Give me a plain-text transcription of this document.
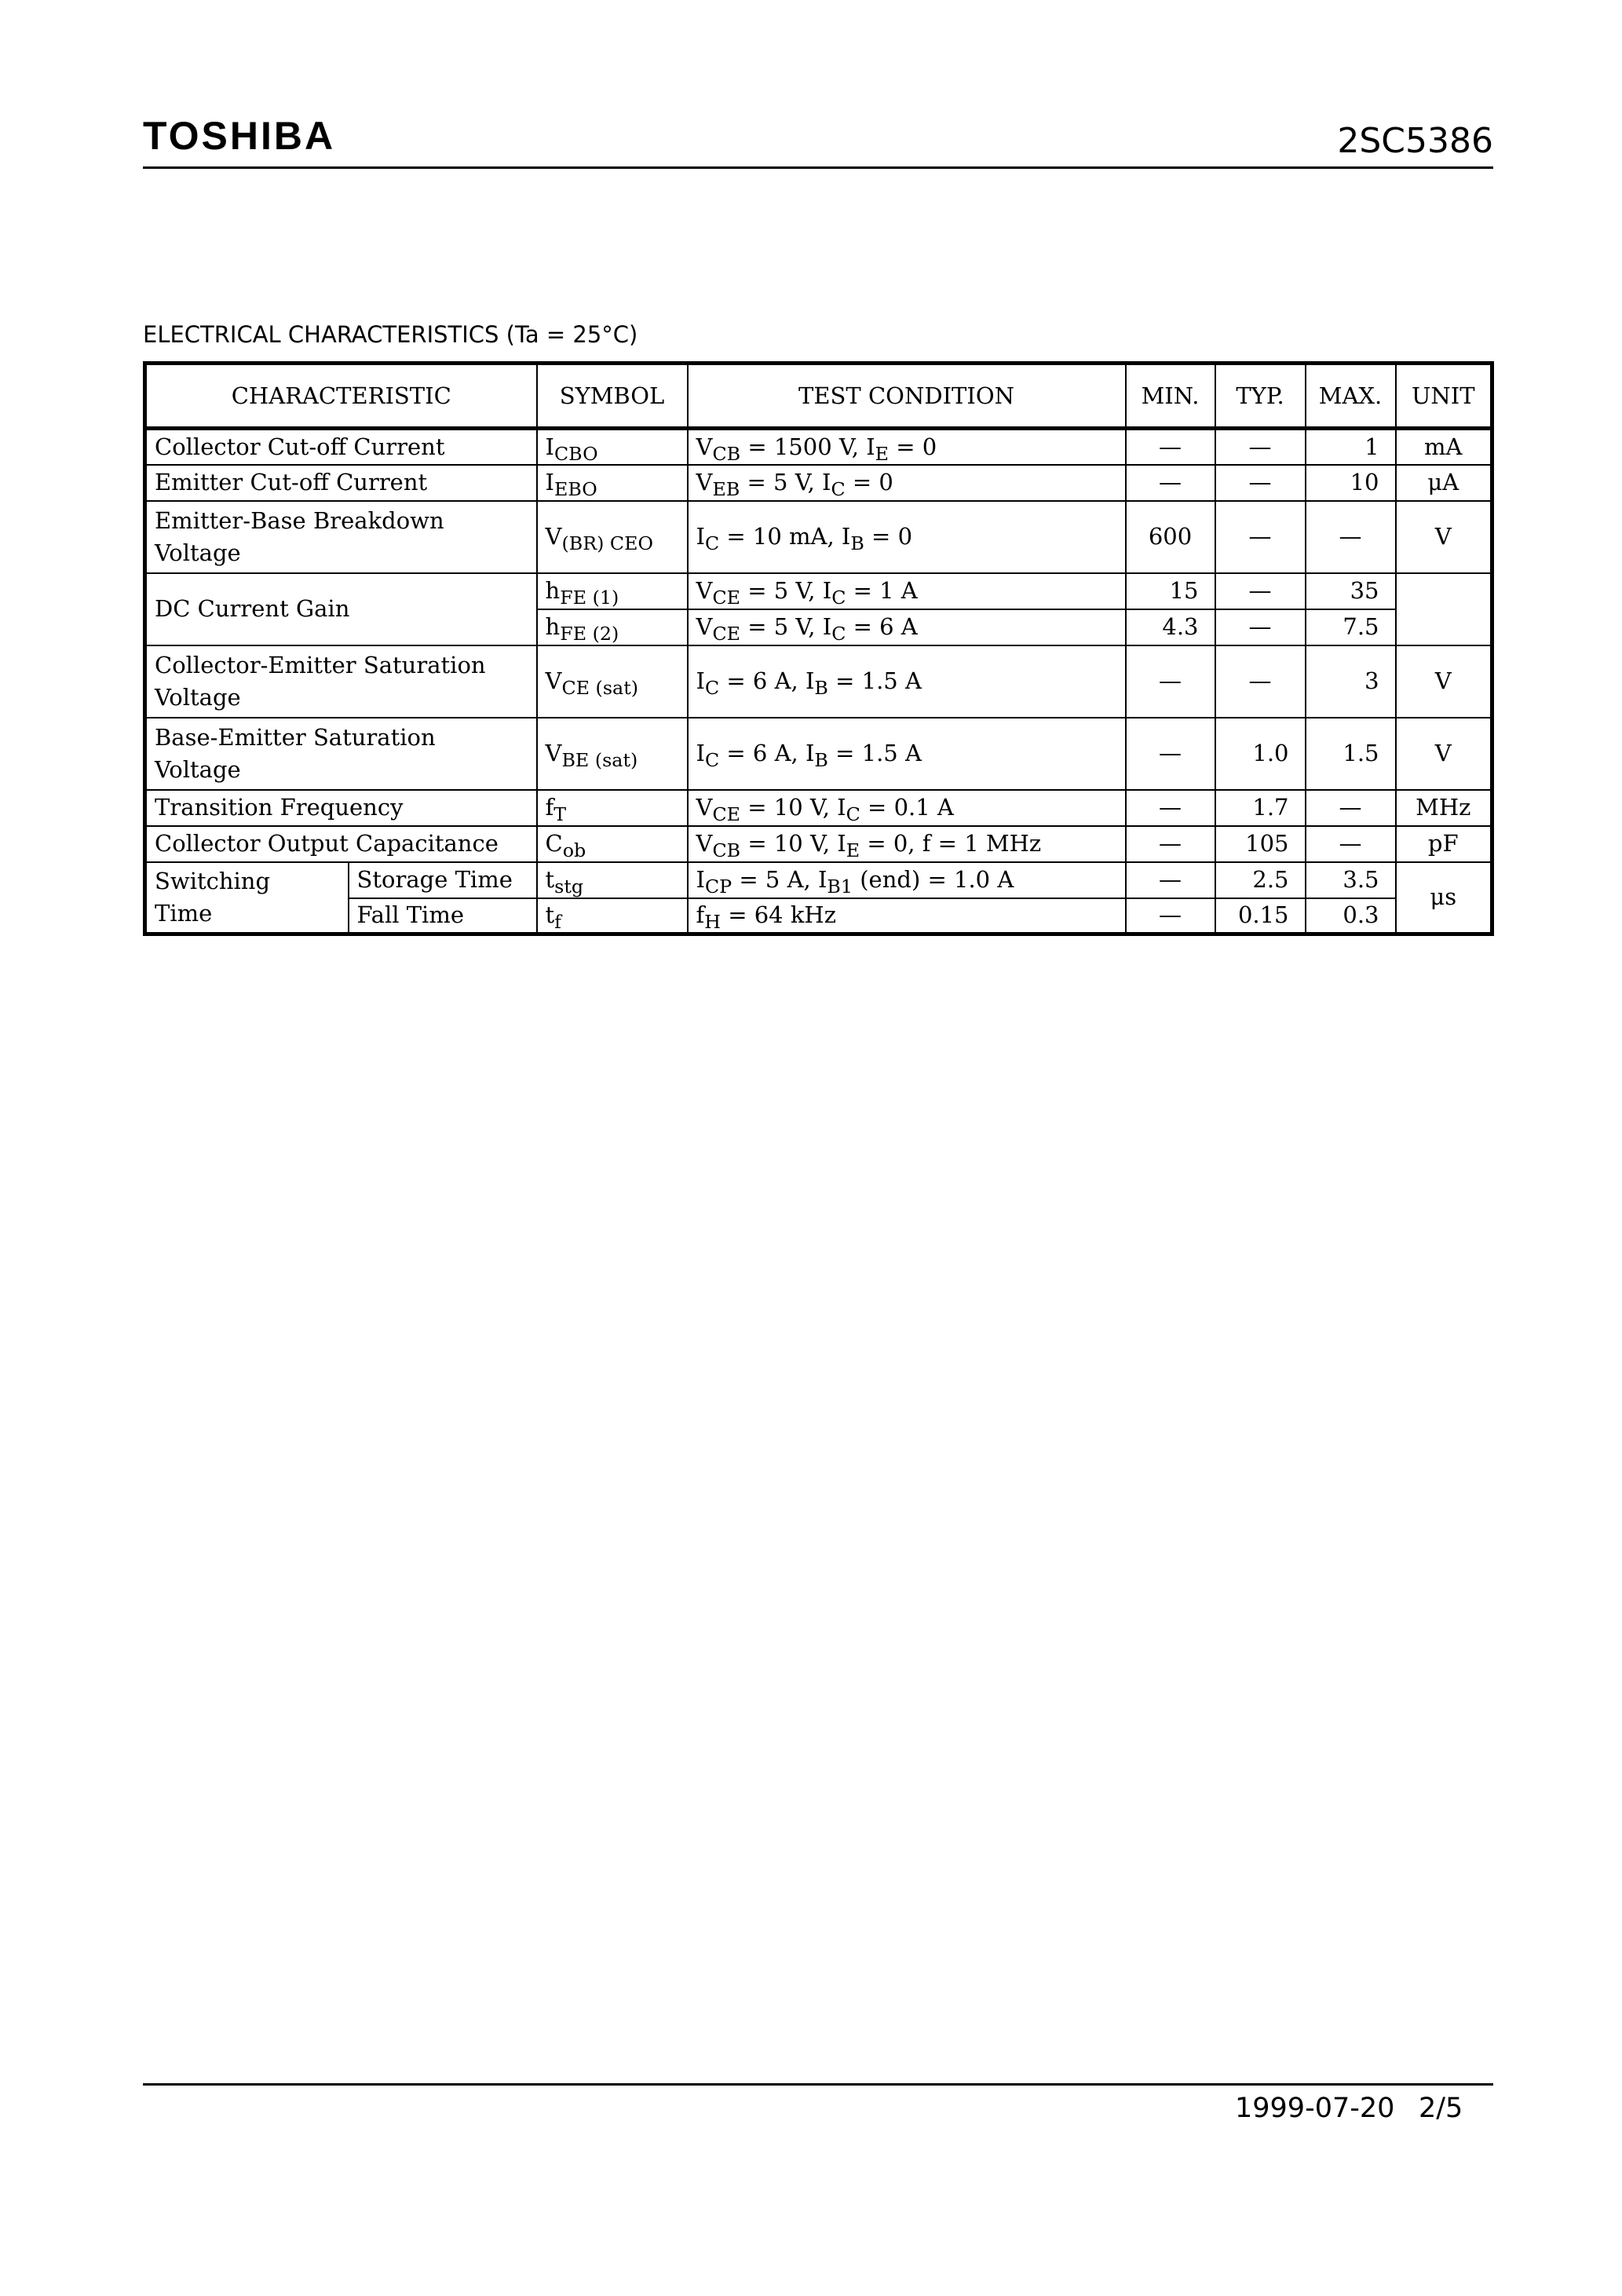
TOSHIBA	2SC5386
ELECTRICAL CHARACTERISTICS (Ta = 25°C)
CHARACTERISTIC		SYMBOL	TEST CONDITION	MIN.	TYP.	MAX.	UNIT
Collector Cut-off Current		$I_{CBO}$	$V_{CB} = 1500$ V, $I_E = 0$	—	—	1	mA
Emitter Cut-off Current		$I_{EBO}$	$V_{EB} = 5$ V, $I_C = 0$	—	—	10	μA
Emitter-Base Breakdown Voltage		$V_{(BR) CEO}$	$I_C = 10$ mA, $I_B = 0$	600	—	—	V
DC Current Gain		$h_{FE (1)}$	$V_{CE} = 5$ V, $I_C = 1$ A	15	—	35	
		$h_{FE (2)}$	$V_{CE} = 5$ V, $I_C = 6$ A	4.3	—	7.5	
Collector-Emitter Saturation Voltage		$V_{CE (sat)}$	$I_C = 6$ A, $I_B = 1.5$ A	—	—	3	V
Base-Emitter Saturation Voltage		$V_{BE (sat)}$	$I_C = 6$ A, $I_B = 1.5$ A	—	1.0	1.5	V
Transition Frequency		$f_T$	$V_{CE} = 10$ V, $I_C = 0.1$ A	—	1.7	—	MHz
Collector Output Capacitance		$C_{ob}$	$V_{CB} = 10$ V, $I_E = 0$, f = 1 MHz	—	105	—	pF
Switching
Time	Storage Time	$t_{stg}$	$I_{CP} = 5$ A, $I_{B1}$ (end) = 1.0 A	—	2.5	3.5	μs
	Fall Time	$t_f$	$f_H = 64$ kHz	—	0.15	0.3	
1999-07-20 2/5
